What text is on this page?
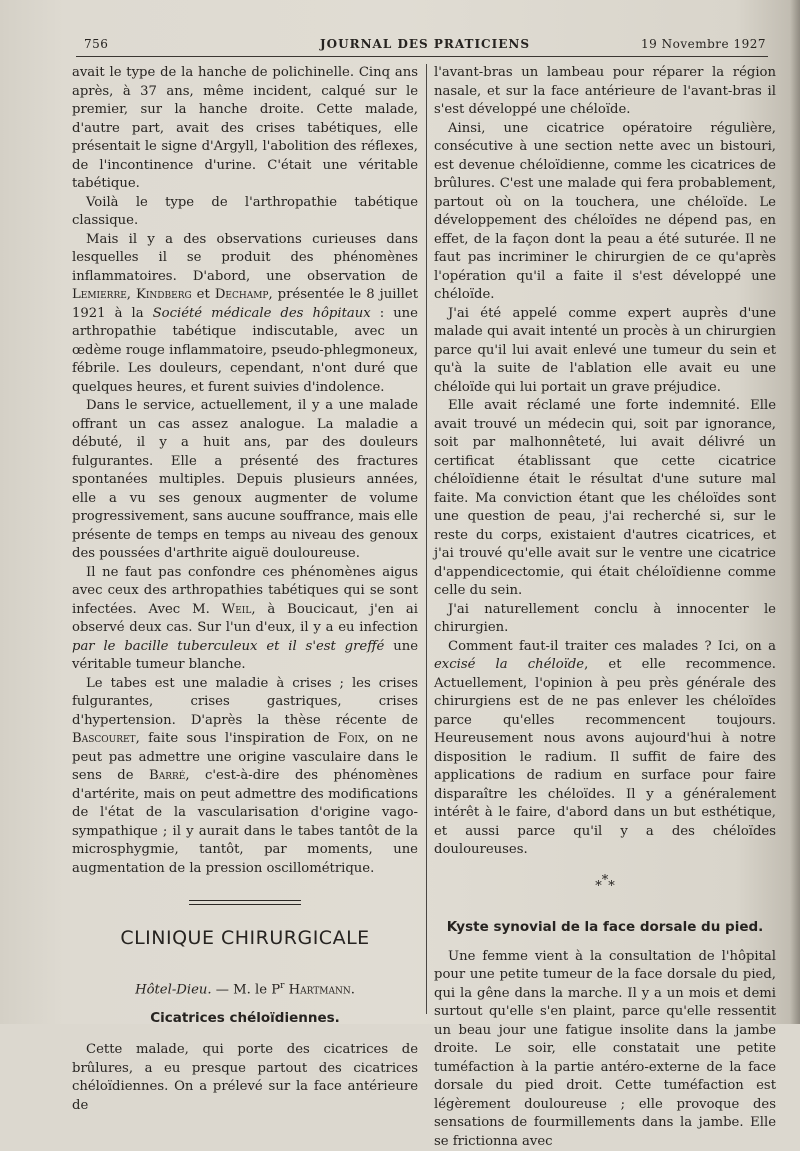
756	JOURNAL DES PRATICIENS	19 Novembre 1927

avait le type de la hanche de polichinelle. Cinq ans après, à 37 ans, même incident, calqué sur le premier, sur la hanche droite. Cette malade, d'autre part, avait des crises tabétiques, elle présentait le signe d'Argyll, l'abolition des réflexes, de l'incontinence d'urine. C'était une véritable tabétique.

Voilà le type de l'arthropathie tabétique classique.

Mais il y a des observations curieuses dans lesquelles il se produit des phénomènes inflammatoires. D'abord, une observation de Lemierre, Kindberg et Dechamp, présentée le 8 juillet 1921 à la Société médicale des hôpitaux : une arthropathie tabétique indiscutable, avec un œdème rouge inflammatoire, pseudo-phlegmoneux, fébrile. Les douleurs, cependant, n'ont duré que quelques heures, et furent suivies d'indolence.

Dans le service, actuellement, il y a une malade offrant un cas assez analogue. La maladie a débuté, il y a huit ans, par des douleurs fulgurantes. Elle a présenté des fractures spontanées multiples. Depuis plusieurs années, elle a vu ses genoux augmenter de volume progressivement, sans aucune souffrance, mais elle présente de temps en temps au niveau des genoux des poussées d'arthrite aiguë douloureuse.

Il ne faut pas confondre ces phénomènes aigus avec ceux des arthropathies tabétiques qui se sont infectées. Avec M. Weil, à Boucicaut, j'en ai observé deux cas. Sur l'un d'eux, il y a eu infection par le bacille tuberculeux et il s'est greffé une véritable tumeur blanche.

Le tabes est une maladie à crises ; les crises fulgurantes, crises gastriques, crises d'hypertension. D'après la thèse récente de Bascouret, faite sous l'inspiration de Foix, on ne peut pas admettre une origine vasculaire dans le sens de Barré, c'est-à-dire des phénomènes d'artérite, mais on peut admettre des modifications de l'état de la vascularisation d'origine vago-sympathique ; il y aurait dans le tabes tantôt de la microsphygmie, tantôt, par moments, une augmentation de la pression oscillométrique.

CLINIQUE CHIRURGICALE
Hôtel-Dieu. — M. le $P^r$ Hartmann.
Cicatrices chéloïdiennes.

Cette malade, qui porte des cicatrices de brûlures, a eu presque partout des cicatrices chéloïdiennes. On a prélevé sur la face antérieure de

l'avant-bras un lambeau pour réparer la région nasale, et sur la face antérieure de l'avant-bras il s'est développé une chéloïde.

Ainsi, une cicatrice opératoire régulière, consécutive à une section nette avec un bistouri, est devenue chéloïdienne, comme les cicatrices de brûlures. C'est une malade qui fera probablement, partout où on la touchera, une chéloïde. Le développement des chéloïdes ne dépend pas, en effet, de la façon dont la peau a été suturée. Il ne faut pas incriminer le chirurgien de ce qu'après l'opération qu'il a faite il s'est développé une chéloïde.

J'ai été appelé comme expert auprès d'une malade qui avait intenté un procès à un chirurgien parce qu'il lui avait enlevé une tumeur du sein et qu'à la suite de l'ablation elle avait eu une chéloïde qui lui portait un grave préjudice.

Elle avait réclamé une forte indemnité. Elle avait trouvé un médecin qui, soit par ignorance, soit par malhonnêteté, lui avait délivré un certificat établissant que cette cicatrice chéloïdienne était le résultat d'une suture mal faite. Ma conviction étant que les chéloïdes sont une question de peau, j'ai recherché si, sur le reste du corps, existaient d'autres cicatrices, et j'ai trouvé qu'elle avait sur le ventre une cicatrice d'appendicectomie, qui était chéloïdienne comme celle du sein.

J'ai naturellement conclu à innocenter le chirurgien.

Comment faut-il traiter ces malades ? Ici, on a excisé la chéloïde, et elle recommence. Actuellement, l'opinion à peu près générale des chirurgiens est de ne pas enlever les chéloïdes parce qu'elles recommencent toujours. Heureusement nous avons aujourd'hui à notre disposition le radium. Il suffit de faire des applications de radium en surface pour faire disparaître les chéloïdes. Il y a généralement intérêt à le faire, d'abord dans un but esthétique, et aussi parce qu'il y a des chéloïdes douloureuses.

***
Kyste synovial de la face dorsale du pied.

Une femme vient à la consultation de l'hôpital pour une petite tumeur de la face dorsale du pied, qui la gêne dans la marche. Il y a un mois et demi surtout qu'elle s'en plaint, parce qu'elle ressentit un beau jour une fatigue insolite dans la jambe droite. Le soir, elle constatait une petite tuméfaction à la partie antéro-externe de la face dorsale du pied droit. Cette tuméfaction est légèrement douloureuse ; elle provoque des sensations de fourmillements dans la jambe. Elle se frictionna avec
